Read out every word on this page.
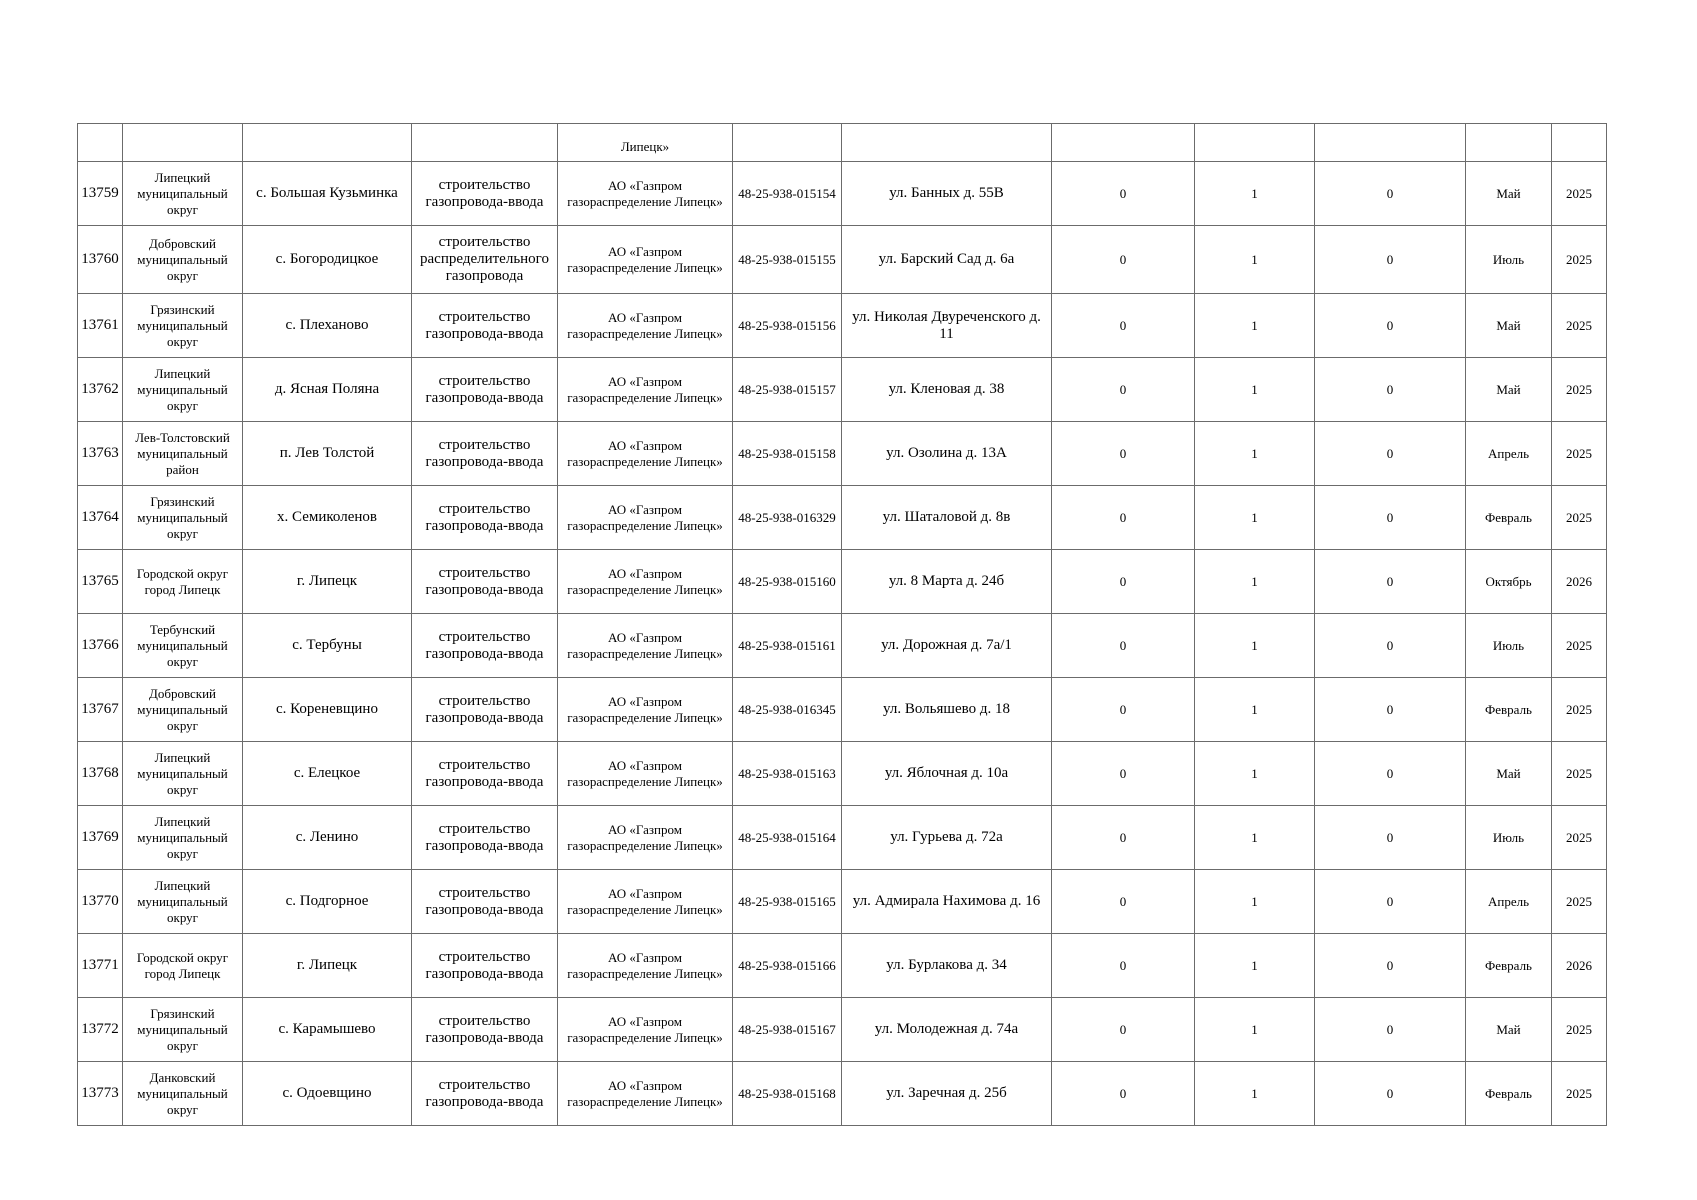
				Липецк»							
13759	Липецкий муниципальный округ	с. Большая Кузьминка	строительство газопровода-ввода	АО «Газпром газораспределение Липецк»	48-25-938-015154	ул. Банных д. 55В	0	1	0	Май	2025
13760	Добровский муниципальный округ	с. Богородицкое	строительство распределительного газопровода	АО «Газпром газораспределение Липецк»	48-25-938-015155	ул. Барский Сад д. 6а	0	1	0	Июль	2025
13761	Грязинский муниципальный округ	с. Плеханово	строительство газопровода-ввода	АО «Газпром газораспределение Липецк»	48-25-938-015156	ул. Николая Двуреченского д. 11	0	1	0	Май	2025
13762	Липецкий муниципальный округ	д. Ясная Поляна	строительство газопровода-ввода	АО «Газпром газораспределение Липецк»	48-25-938-015157	ул. Кленовая д. 38	0	1	0	Май	2025
13763	Лев-Толстовский муниципальный район	п. Лев Толстой	строительство газопровода-ввода	АО «Газпром газораспределение Липецк»	48-25-938-015158	ул. Озолина д. 13А	0	1	0	Апрель	2025
13764	Грязинский муниципальный округ	х. Семиколенов	строительство газопровода-ввода	АО «Газпром газораспределение Липецк»	48-25-938-016329	ул. Шаталовой д. 8в	0	1	0	Февраль	2025
13765	Городской округ город Липецк	г. Липецк	строительство газопровода-ввода	АО «Газпром газораспределение Липецк»	48-25-938-015160	ул. 8 Марта д. 24б	0	1	0	Октябрь	2026
13766	Тербунский муниципальный округ	с. Тербуны	строительство газопровода-ввода	АО «Газпром газораспределение Липецк»	48-25-938-015161	ул. Дорожная д. 7а/1	0	1	0	Июль	2025
13767	Добровский муниципальный округ	с. Кореневщино	строительство газопровода-ввода	АО «Газпром газораспределение Липецк»	48-25-938-016345	ул. Вольяшево д. 18	0	1	0	Февраль	2025
13768	Липецкий муниципальный округ	с. Елецкое	строительство газопровода-ввода	АО «Газпром газораспределение Липецк»	48-25-938-015163	ул. Яблочная д. 10а	0	1	0	Май	2025
13769	Липецкий муниципальный округ	с. Ленино	строительство газопровода-ввода	АО «Газпром газораспределение Липецк»	48-25-938-015164	ул. Гурьева д. 72а	0	1	0	Июль	2025
13770	Липецкий муниципальный округ	с. Подгорное	строительство газопровода-ввода	АО «Газпром газораспределение Липецк»	48-25-938-015165	ул. Адмирала Нахимова д. 16	0	1	0	Апрель	2025
13771	Городской округ город Липецк	г. Липецк	строительство газопровода-ввода	АО «Газпром газораспределение Липецк»	48-25-938-015166	ул. Бурлакова д. 34	0	1	0	Февраль	2026
13772	Грязинский муниципальный округ	с. Карамышево	строительство газопровода-ввода	АО «Газпром газораспределение Липецк»	48-25-938-015167	ул. Молодежная д. 74а	0	1	0	Май	2025
13773	Данковский муниципальный округ	с. Одоевщино	строительство газопровода-ввода	АО «Газпром газораспределение Липецк»	48-25-938-015168	ул. Заречная д. 25б	0	1	0	Февраль	2025
